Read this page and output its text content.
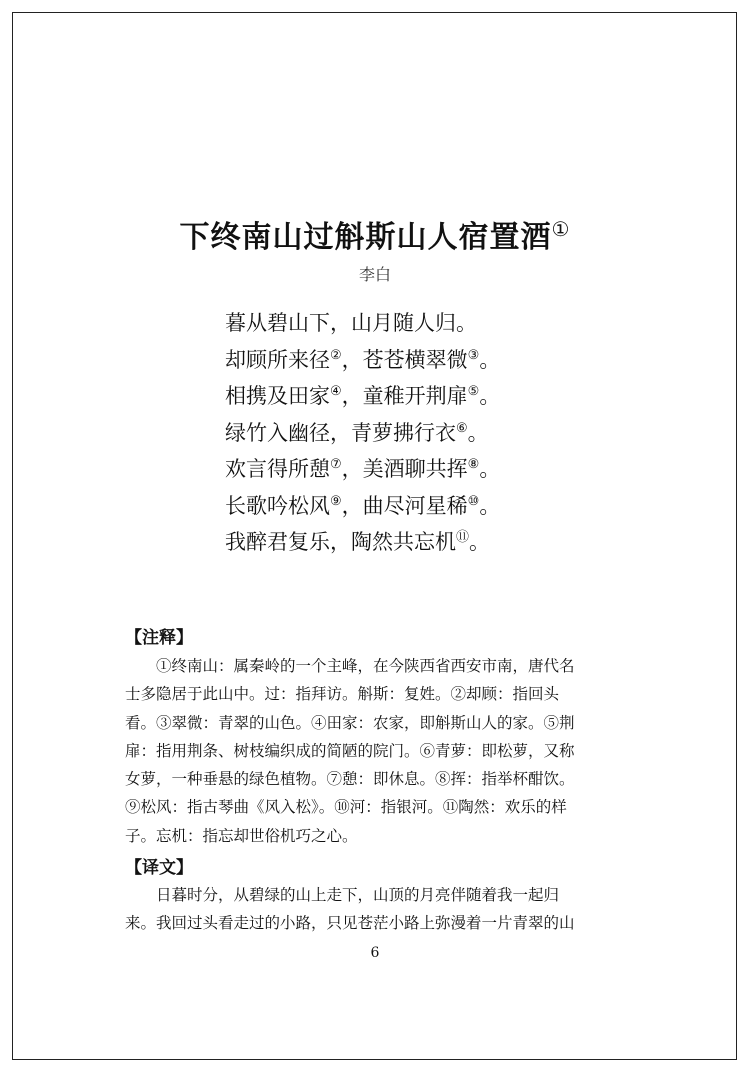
下终南山过斛斯山人宿置酒①
李白
暮从碧山下，山月随人归。
却顾所来径②，苍苍横翠微③。
相携及田家④，童稚开荆扉⑤。
绿竹入幽径，青萝拂行衣⑥。
欢言得所憩⑦，美酒聊共挥⑧。
长歌吟松风⑨，曲尽河星稀⑩。
我醉君复乐，陶然共忘机⑪。
【注释】

　　①终南山：属秦岭的一个主峰，在今陕西省西安市南，唐代名

士多隐居于此山中。过：指拜访。斛斯：复姓。②却顾：指回头

看。③翠微：青翠的山色。④田家：农家，即斛斯山人的家。⑤荆

扉：指用荆条、树枝编织成的简陋的院门。⑥青萝：即松萝，又称

女萝，一种垂悬的绿色植物。⑦憩：即休息。⑧挥：指举杯酣饮。

⑨松风：指古琴曲《风入松》。⑩河：指银河。⑪陶然：欢乐的样

子。忘机：指忘却世俗机巧之心。

【译文】

　　日暮时分，从碧绿的山上走下，山顶的月亮伴随着我一起归

来。我回过头看走过的小路，只见苍茫小路上弥漫着一片青翠的山

6
